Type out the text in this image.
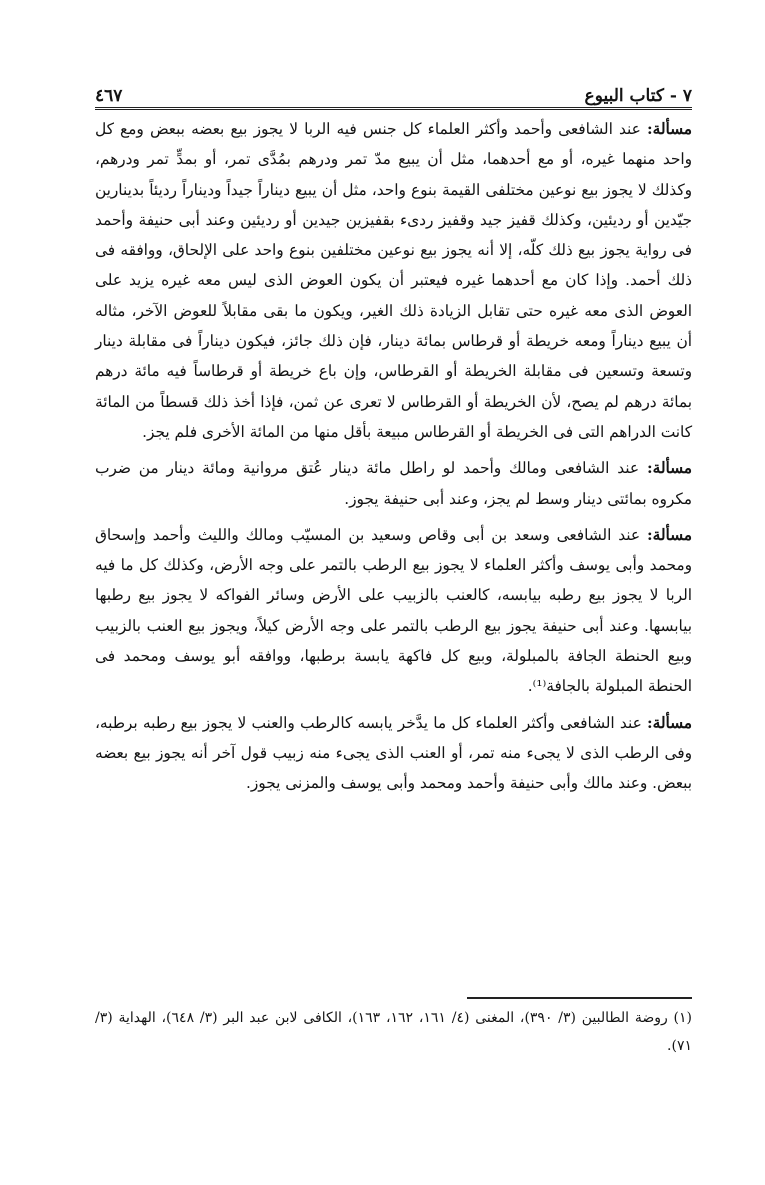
٧ - كتاب البيوع
٤٦٧

مسألة: عند الشافعى وأحمد وأكثر العلماء كل جنس فيه الربا لا يجوز بيع بعضه ببعض ومع كل واحد منهما غيره، أو مع أحدهما، مثل أن يبيع مدّ تمر ودرهم بمُدَّى تمر، أو بمدٍّ تمر ودرهم، وكذلك لا يجوز بيع نوعين مختلفى القيمة بنوع واحد، مثل أن يبيع ديناراً جيداً وديناراً رديئاً بدينارين جيّدين أو رديئين، وكذلك قفيز جيد وقفيز ردىء بقفيزين جيدين أو رديئين وعند أبى حنيفة وأحمد فى رواية يجوز بيع ذلك كلّه، إلا أنه يجوز بيع نوعين مختلفين بنوع واحد على الإلحاق، ووافقه فى ذلك أحمد. وإذا كان مع أحدهما غيره فيعتبر أن يكون العوض الذى ليس معه غيره يزيد على العوض الذى معه غيره حتى تقابل الزيادة ذلك الغير، ويكون ما بقى مقابلاً للعوض الآخر، مثاله أن يبيع ديناراً ومعه خريطة أو قرطاس بمائة دينار، فإن ذلك جائز، فيكون ديناراً فى مقابلة دينار وتسعة وتسعين فى مقابلة الخريطة أو القرطاس، وإن باع خريطة أو قرطاساً فيه مائة درهم بمائة درهم لم يصح، لأن الخريطة أو القرطاس لا تعرى عن ثمن، فإذا أخذ ذلك قسطاً من المائة كانت الدراهم التى فى الخريطة أو القرطاس مبيعة بأقل منها من المائة الأخرى فلم يجز.

مسألة: عند الشافعى ومالك وأحمد لو راطل مائة دينار عُتق مروانية ومائة دينار من ضرب مكروه بمائتى دينار وسط لم يجز، وعند أبى حنيفة يجوز.

مسألة: عند الشافعى وسعد بن أبى وقاص وسعيد بن المسيّب ومالك والليث وأحمد وإسحاق ومحمد وأبى يوسف وأكثر العلماء لا يجوز بيع الرطب بالتمر على وجه الأرض، وكذلك كل ما فيه الربا لا يجوز بيع رطبه بيابسه، كالعنب بالزبيب على الأرض وسائر الفواكه لا يجوز بيع رطبها بيابسها. وعند أبى حنيفة يجوز بيع الرطب بالتمر على وجه الأرض كيلاً، ويجوز بيع العنب بالزبيب وبيع الحنطة الجافة بالمبلولة، وبيع كل فاكهة يابسة برطبها، ووافقه أبو يوسف ومحمد فى الحنطة المبلولة بالجافة⁽¹⁾.

مسألة: عند الشافعى وأكثر العلماء كل ما يدَّخر يابسه كالرطب والعنب لا يجوز بيع رطبه برطبه، وفى الرطب الذى لا يجىء منه تمر، أو العنب الذى يجىء منه زبيب قول آخر أنه يجوز بيع بعضه ببعض. وعند مالك وأبى حنيفة وأحمد ومحمد وأبى يوسف والمزنى يجوز.

(١) روضة الطالبين (٣/ ٣٩٠)، المغنى (٤/ ١٦١، ١٦٢، ١٦٣)، الكافى لابن عبد البر (٣/ ٦٤٨)، الهداية (٣/ ٧١).
